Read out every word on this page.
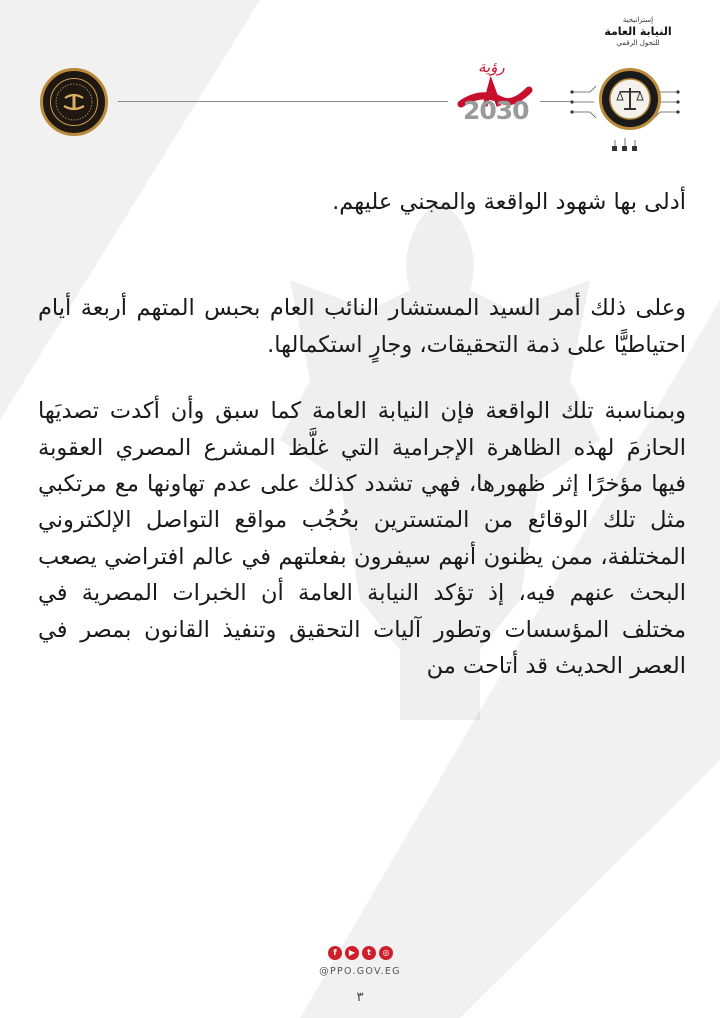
رؤية
2030
إستراتيجية
النيابة العامة
للتحول الرقمي

أدلى بها شهود الواقعة والمجني عليهم.

وعلى ذلك أمر السيد المستشار النائب العام بحبس المتهم أربعة أيام احتياطيًّا على ذمة التحقيقات، وجارٍ استكمالها.

وبمناسبة تلك الواقعة فإن النيابة العامة كما سبق وأن أكدت تصديَها الحازمَ لهذه الظاهرة الإجرامية التي غلَّظ المشرع المصري العقوبة فيها مؤخرًا إثر ظهورها، فهي تشدد كذلك على عدم تهاونها مع مرتكبي مثل تلك الوقائع من المتسترين بحُجُب مواقع التواصل الإلكتروني المختلفة، ممن يظنون أنهم سيفرون بفعلتهم في عالم افتراضي يصعب البحث عنهم فيه، إذ تؤكد النيابة العامة أن الخبرات المصرية في مختلف المؤسسات وتطور آليات التحقيق وتنفيذ القانون بمصر في العصر الحديث قد أتاحت من

f	▶	t	◎
@PPO.GOV.EG
٣
